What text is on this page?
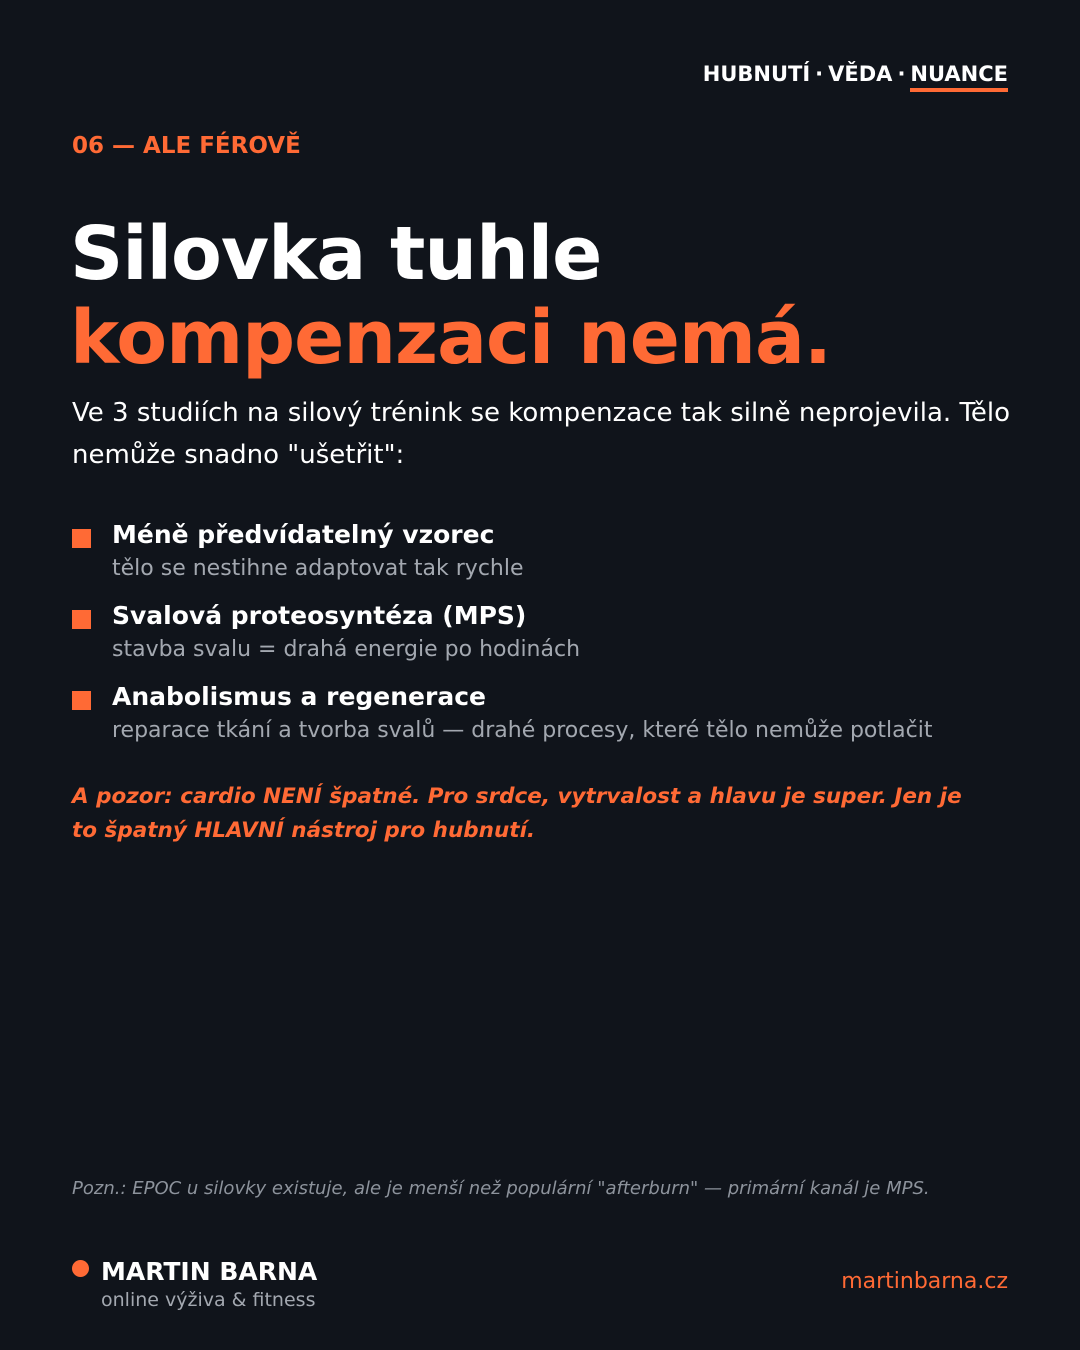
HUBNUTÍ · VĚDA · NUANCE
06 — ALE FÉROVĚ
Silovka tuhle
kompenzaci nemá.

Ve 3 studiích na silový trénink se kompenzace tak silně neprojevila. Tělo nemůže snadno "ušetřit":

Méně předvídatelný vzorec
tělo se nestihne adaptovat tak rychle
Svalová proteosyntéza (MPS)
stavba svalu = drahá energie po hodinách
Anabolismus a regenerace
reparace tkání a tvorba svalů — drahé procesy, které tělo nemůže potlačit

A pozor: cardio NENÍ špatné. Pro srdce, vytrvalost a hlavu je super. Jen je to špatný HLAVNÍ nástroj pro hubnutí.

Pozn.: EPOC u silovky existuje, ale je menší než populární "afterburn" — primární kanál je MPS.

MARTIN BARNA
online výživa & fitness
martinbarna.cz
